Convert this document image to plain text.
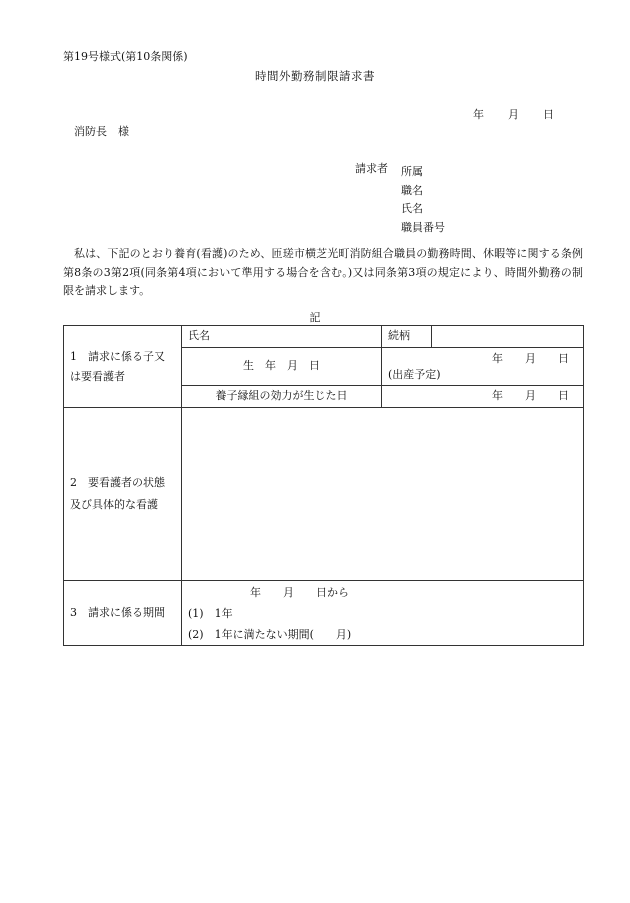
第19号様式(第10条関係)
時間外勤務制限請求書
年 月 日
消防長　様
請求者 所属
職名
氏名
職員番号
私は、下記のとおり養育(看護)のため、匝瑳市横芝光町消防組合職員の勤務時間、休暇等に関する条例第8条の3第2項(同条第4項において準用する場合を含む。)又は同条第3項の規定により、時間外勤務の制限を請求します。
記
1　請求に係る子又は要看護者	氏名	続柄	
	生　年　月　日	年　　月　　日
(出産予定)	

	養子縁組の効力が生じた日	年　　月　　日	
2　要看護者の状態及び具体的な看護			
3　請求に係る期間	年　　月　　日から
(1)　1年
(2)　1年に満たない期間(　　月)		
